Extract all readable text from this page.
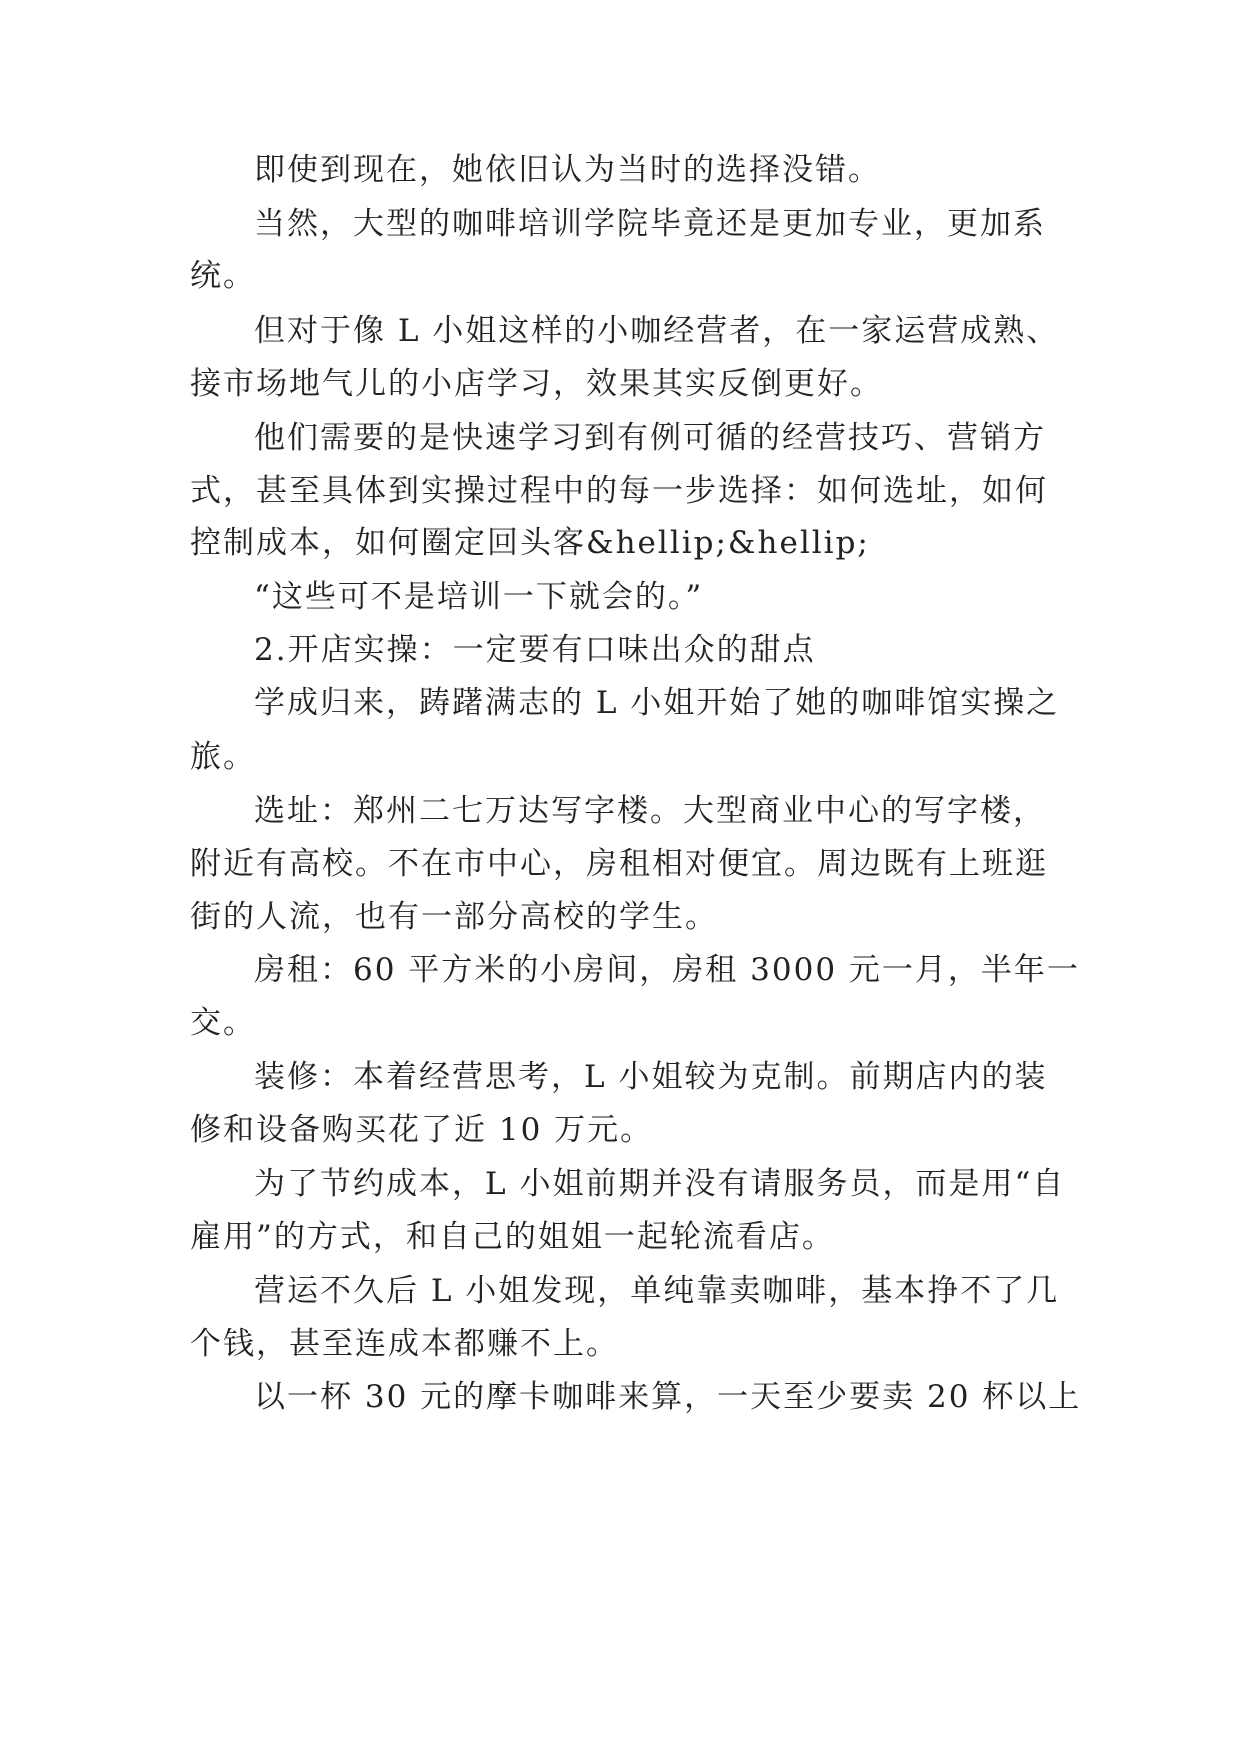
即使到现在，她依旧认为当时的选择没错。
当然，大型的咖啡培训学院毕竟还是更加专业，更加系
统。
但对于像 L 小姐这样的小咖经营者，在一家运营成熟、
接市场地气儿的小店学习，效果其实反倒更好。
他们需要的是快速学习到有例可循的经营技巧、营销方
式，甚至具体到实操过程中的每一步选择：如何选址，如何
控制成本，如何圈定回头客&hellip;&hellip;
“这些可不是培训一下就会的。”
2.开店实操：一定要有口味出众的甜点
学成归来，踌躇满志的 L 小姐开始了她的咖啡馆实操之
旅。
选址：郑州二七万达写字楼。大型商业中心的写字楼，
附近有高校。不在市中心，房租相对便宜。周边既有上班逛
街的人流，也有一部分高校的学生。
房租：60 平方米的小房间，房租 3000 元一月，半年一
交。
装修：本着经营思考，L 小姐较为克制。前期店内的装
修和设备购买花了近 10 万元。
为了节约成本，L 小姐前期并没有请服务员，而是用“自
雇用”的方式，和自己的姐姐一起轮流看店。
营运不久后 L 小姐发现，单纯靠卖咖啡，基本挣不了几
个钱，甚至连成本都赚不上。
以一杯 30 元的摩卡咖啡来算，一天至少要卖 20 杯以上
